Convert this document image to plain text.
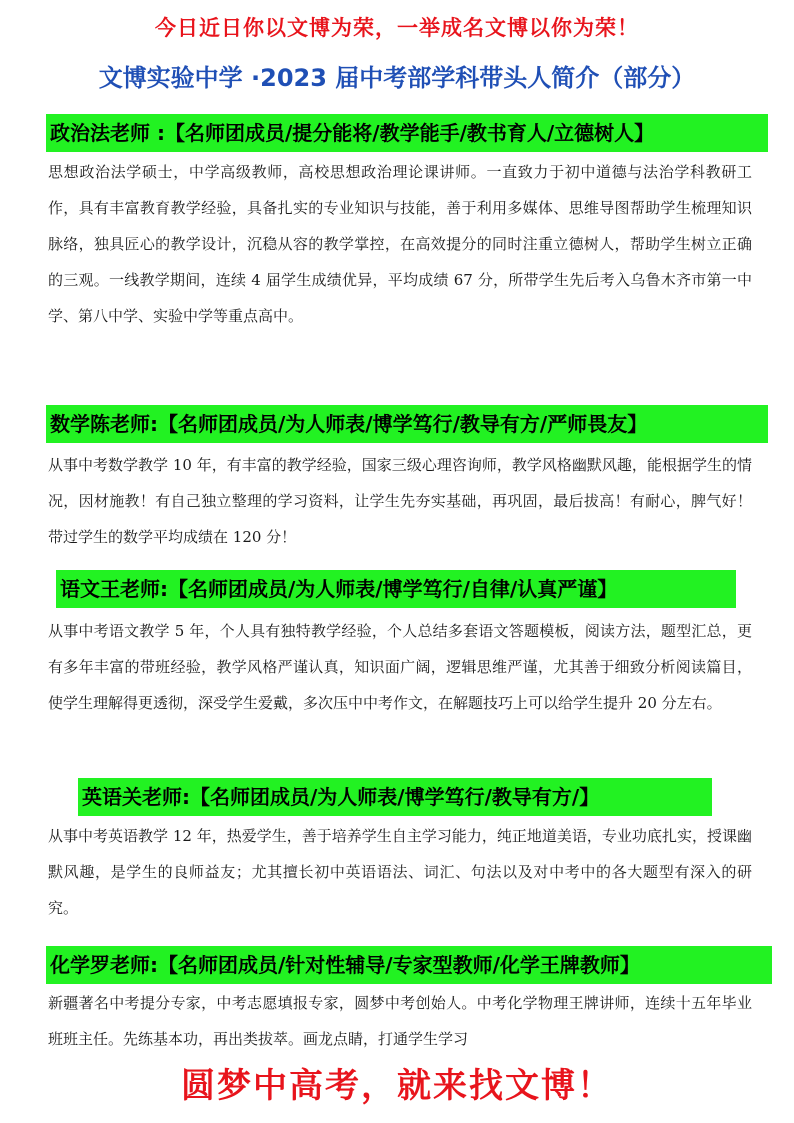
今日近日你以文博为荣，一举成名文博以你为荣！
文博实验中学 ·2023 届中考部学科带头人简介（部分）
政治法老师 :【名师团成员/提分能将/教学能手/教书育人/立德树人】

思想政治法学硕士，中学高级教师，高校思想政治理论课讲师。一直致力于初中道德与法治学科教研工作，具有丰富教育教学经验，具备扎实的专业知识与技能，善于利用多媒体、思维导图帮助学生梳理知识脉络，独具匠心的教学设计，沉稳从容的教学掌控，在高效提分的同时注重立德树人，帮助学生树立正确的三观。一线教学期间，连续 4 届学生成绩优异，平均成绩 67 分，所带学生先后考入乌鲁木齐市第一中学、第八中学、实验中学等重点高中。

数学陈老师:【名师团成员/为人师表/博学笃行/教导有方/严师畏友】

从事中考数学教学 10 年，有丰富的教学经验，国家三级心理咨询师，教学风格幽默风趣，能根据学生的情况，因材施教！有自己独立整理的学习资料，让学生先夯实基础，再巩固，最后拔高！有耐心，脾气好！带过学生的数学平均成绩在 120 分！

语文王老师:【名师团成员/为人师表/博学笃行/自律/认真严谨】

从事中考语文教学 5 年，个人具有独特教学经验，个人总结多套语文答题模板，阅读方法，题型汇总，更有多年丰富的带班经验，教学风格严谨认真，知识面广阔，逻辑思维严谨，尤其善于细致分析阅读篇目，使学生理解得更透彻，深受学生爱戴，多次压中中考作文，在解题技巧上可以给学生提升 20 分左右。

英语关老师:【名师团成员/为人师表/博学笃行/教导有方/】

从事中考英语教学 12 年，热爱学生，善于培养学生自主学习能力，纯正地道美语，专业功底扎实，授课幽默风趣，是学生的良师益友；尤其擅长初中英语语法、词汇、句法以及对中考中的各大题型有深入的研究。

化学罗老师:【名师团成员/针对性辅导/专家型教师/化学王牌教师】

新疆著名中考提分专家，中考志愿填报专家，圆梦中考创始人。中考化学物理王牌讲师，连续十五年毕业班班主任。先练基本功，再出类拔萃。画龙点睛，打通学生学习

圆梦中高考，就来找文博！
